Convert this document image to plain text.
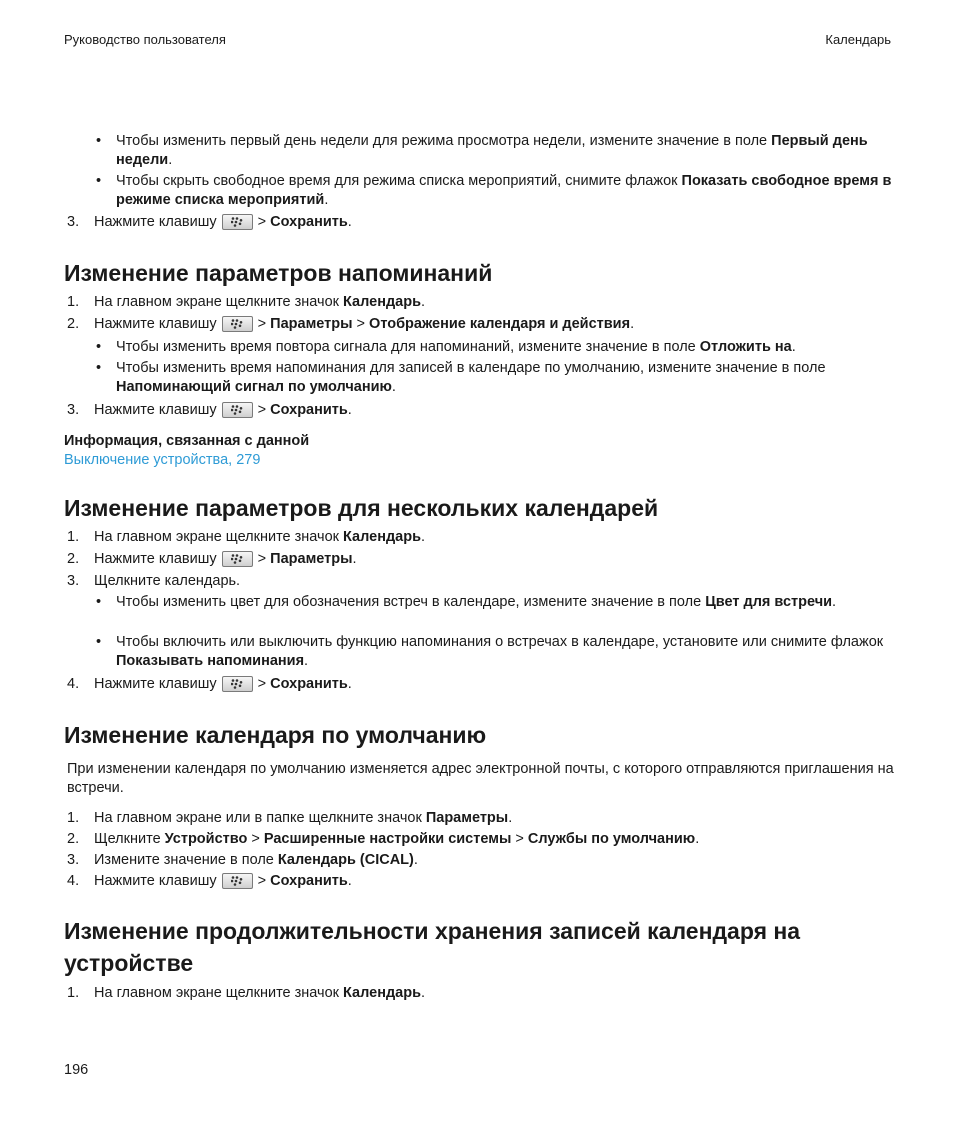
Руководство пользователя	Календарь
• Чтобы изменить первый день недели для режима просмотра недели, измените значение в поле Первый день недели.
• Чтобы скрыть свободное время для режима списка мероприятий, снимите флажок Показать свободное время в режиме списка мероприятий.
3. Нажмите клавишу
> Сохранить.
Изменение параметров напоминаний
1. На главном экране щелкните значок Календарь.
2. Нажмите клавишу
> Параметры > Отображение календаря и действия.
• Чтобы изменить время повтора сигнала для напоминаний, измените значение в поле Отложить на.
• Чтобы изменить время напоминания для записей в календаре по умолчанию, измените значение в поле Напоминающий сигнал по умолчанию.
3. Нажмите клавишу
> Сохранить.
Информация, связанная с данной
Выключение устройства, 279
Изменение параметров для нескольких календарей
1. На главном экране щелкните значок Календарь.
2. Нажмите клавишу
> Параметры.
3. Щелкните календарь.
• Чтобы изменить цвет для обозначения встреч в календаре, измените значение в поле Цвет для встречи.
• Чтобы включить или выключить функцию напоминания о встречах в календаре, установите или снимите флажок Показывать напоминания.
4. Нажмите клавишу
> Сохранить.
Изменение календаря по умолчанию
При изменении календаря по умолчанию изменяется адрес электронной почты, с которого отправляются приглашения на встречи.
1. На главном экране или в папке щелкните значок Параметры.
2. Щелкните Устройство > Расширенные настройки системы > Службы по умолчанию.
3. Измените значение в поле Календарь (CICAL).
4. Нажмите клавишу
> Сохранить.
Изменение продолжительности хранения записей календаря на устройстве
1. На главном экране щелкните значок Календарь.
196
